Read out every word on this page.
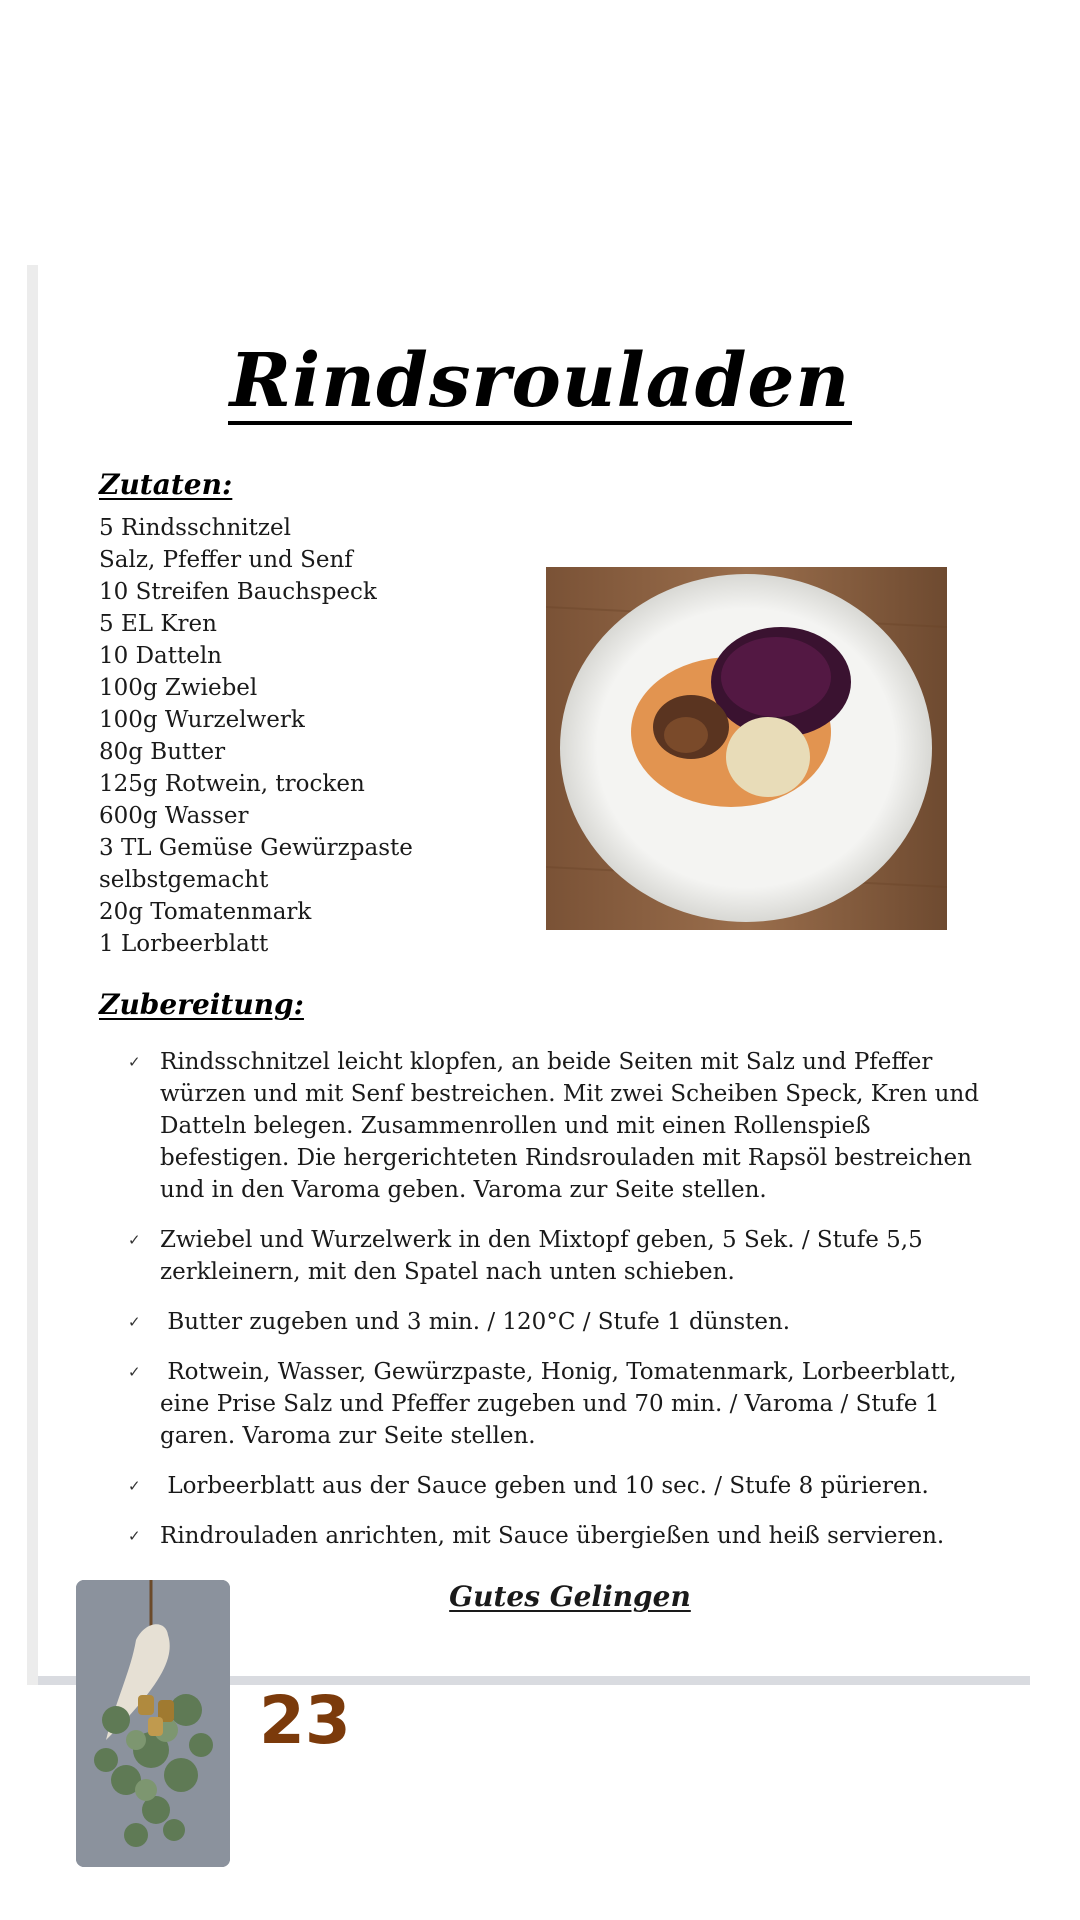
Rindsrouladen
Zutaten:
5 Rindsschnitzel
Salz, Pfeffer und Senf
10 Streifen Bauchspeck
5 EL Kren
10 Datteln
100g Zwiebel
100g Wurzelwerk
80g Butter
125g Rotwein, trocken
600g Wasser
3 TL Gemüse Gewürzpaste
selbstgemacht
20g Tomatenmark
1 Lorbeerblatt
Zubereitung:
✓ Rindsschnitzel leicht klopfen, an beide Seiten mit Salz und Pfeffer würzen und mit Senf bestreichen. Mit zwei Scheiben Speck, Kren und Datteln belegen. Zusammenrollen und mit einen Rollenspieß befestigen. Die hergerichteten Rindsrouladen mit Rapsöl bestreichen und in den Varoma geben. Varoma zur Seite stellen.
✓ Zwiebel und Wurzelwerk in den Mixtopf geben, 5 Sek. / Stufe 5,5 zerkleinern, mit den Spatel nach unten schieben.
✓ Butter zugeben und 3 min. / 120°C / Stufe 1 dünsten.
✓ Rotwein, Wasser, Gewürzpaste, Honig, Tomatenmark, Lorbeerblatt, eine Prise Salz und Pfeffer zugeben und 70 min. / Varoma / Stufe 1 garen. Varoma zur Seite stellen.
✓ Lorbeerblatt aus der Sauce geben und 10 sec. / Stufe 8 pürieren.
✓ Rindrouladen anrichten, mit Sauce übergießen und heiß servieren.
Gutes Gelingen
23
